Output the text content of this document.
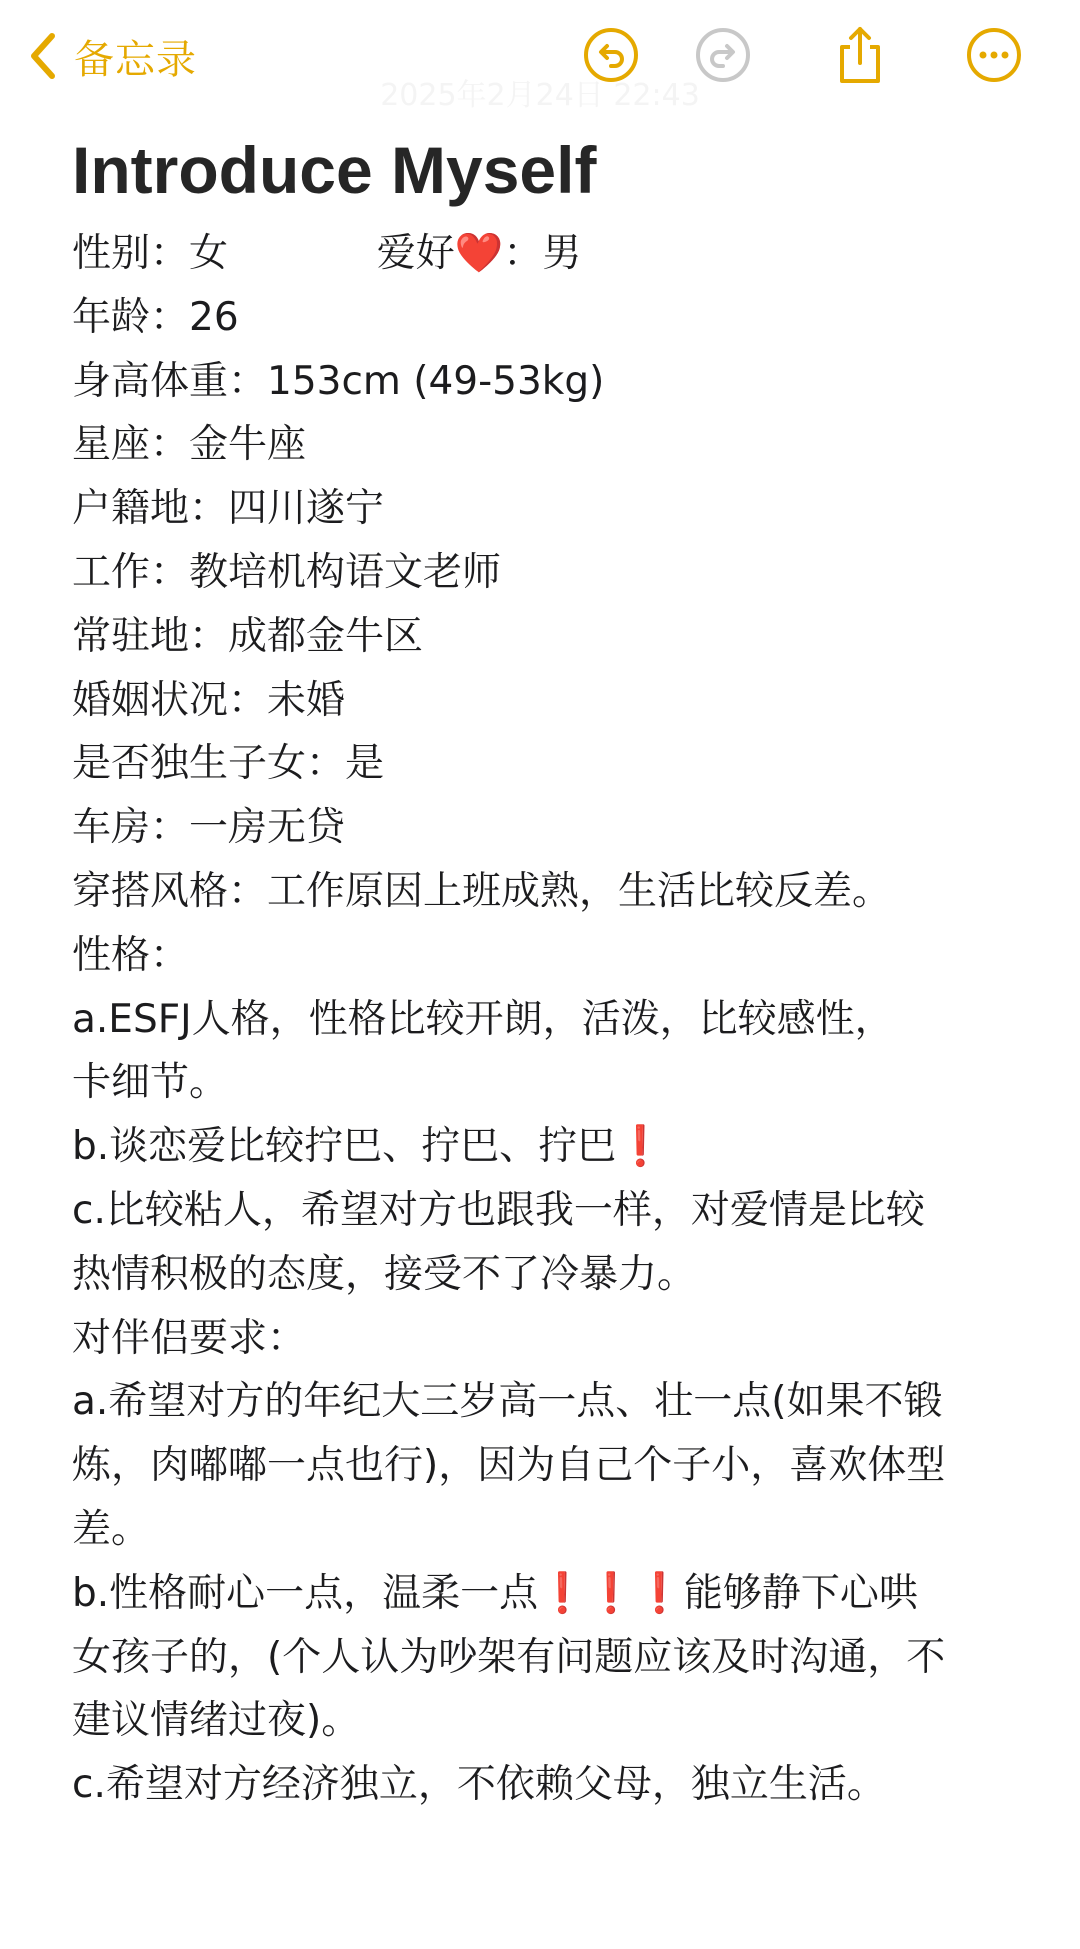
备忘录
2025年2月24日 22:43
Introduce Myself
性别：女            爱好❤️：男
年龄：26
身高体重：153cm (49-53kg)
星座：金牛座
户籍地：四川遂宁
工作：教培机构语文老师
常驻地：成都金牛区
婚姻状况：未婚
是否独生子女：是
车房：一房无贷
穿搭风格：工作原因上班成熟，生活比较反差。
性格：
a.ESFJ人格，性格比较开朗，活泼，比较感性，
卡细节。
b.谈恋爱比较拧巴、拧巴、拧巴❗
c.比较粘人，希望对方也跟我一样，对爱情是比较
热情积极的态度，接受不了冷暴力。
对伴侣要求：
a.希望对方的年纪大三岁高一点、壮一点(如果不锻
炼，肉嘟嘟一点也行)，因为自己个子小，喜欢体型
差。
b.性格耐心一点，温柔一点❗❗❗能够静下心哄
女孩子的，(个人认为吵架有问题应该及时沟通，不
建议情绪过夜)。
c.希望对方经济独立，不依赖父母，独立生活。
